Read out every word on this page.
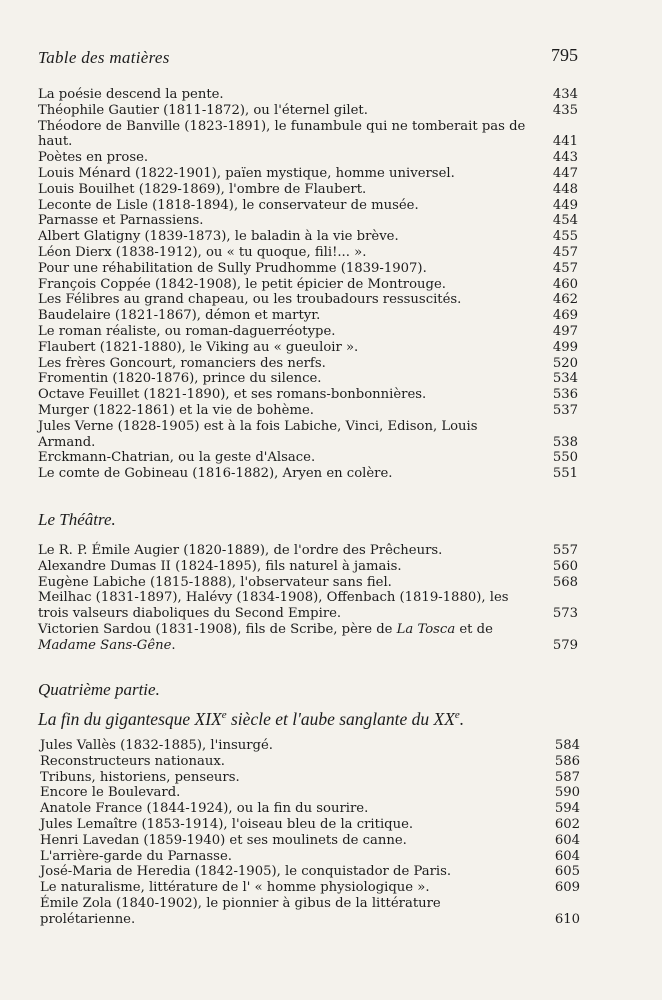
Table des matières	795
La poésie descend la pente.	434
Théophile Gautier (1811-1872), ou l'éternel gilet.	435
Théodore de Banville (1823-1891), le funambule qui ne tomberait pas de haut.	441
Poètes en prose.	443
Louis Ménard (1822-1901), païen mystique, homme universel.	447
Louis Bouilhet (1829-1869), l'ombre de Flaubert.	448
Leconte de Lisle (1818-1894), le conservateur de musée.	449
Parnasse et Parnassiens.	454
Albert Glatigny (1839-1873), le baladin à la vie brève.	455
Léon Dierx (1838-1912), ou « tu quoque, fili!... ».	457
Pour une réhabilitation de Sully Prudhomme (1839-1907).	457
François Coppée (1842-1908), le petit épicier de Montrouge.	460
Les Félibres au grand chapeau, ou les troubadours ressuscités.	462
Baudelaire (1821-1867), démon et martyr.	469
Le roman réaliste, ou roman-daguerréotype.	497
Flaubert (1821-1880), le Viking au « gueuloir ».	499
Les frères Goncourt, romanciers des nerfs.	520
Fromentin (1820-1876), prince du silence.	534
Octave Feuillet (1821-1890), et ses romans-bonbonnières.	536
Murger (1822-1861) et la vie de bohème.	537
Jules Verne (1828-1905) est à la fois Labiche, Vinci, Edison, Louis Armand.	538
Erckmann-Chatrian, ou la geste d'Alsace.	550
Le comte de Gobineau (1816-1882), Aryen en colère.	551
Le Théâtre.
Le R. P. Émile Augier (1820-1889), de l'ordre des Prêcheurs.	557
Alexandre Dumas II (1824-1895), fils naturel à jamais.	560
Eugène Labiche (1815-1888), l'observateur sans fiel.	568
Meilhac (1831-1897), Halévy (1834-1908), Offenbach (1819-1880), les trois valseurs diaboliques du Second Empire.	573
Victorien Sardou (1831-1908), fils de Scribe, père de La Tosca et de Madame Sans-Gêne.	579
Quatrième partie.
La fin du gigantesque XIXe siècle et l'aube sanglante du XXe.
Jules Vallès (1832-1885), l'insurgé.	584
Reconstructeurs nationaux.	586
Tribuns, historiens, penseurs.	587
Encore le Boulevard.	590
Anatole France (1844-1924), ou la fin du sourire.	594
Jules Lemaître (1853-1914), l'oiseau bleu de la critique.	602
Henri Lavedan (1859-1940) et ses moulinets de canne.	604
L'arrière-garde du Parnasse.	604
José-Maria de Heredia (1842-1905), le conquistador de Paris.	605
Le naturalisme, littérature de l' « homme physiologique ».	609
Émile Zola (1840-1902), le pionnier à gibus de la littérature prolétarienne.	610
